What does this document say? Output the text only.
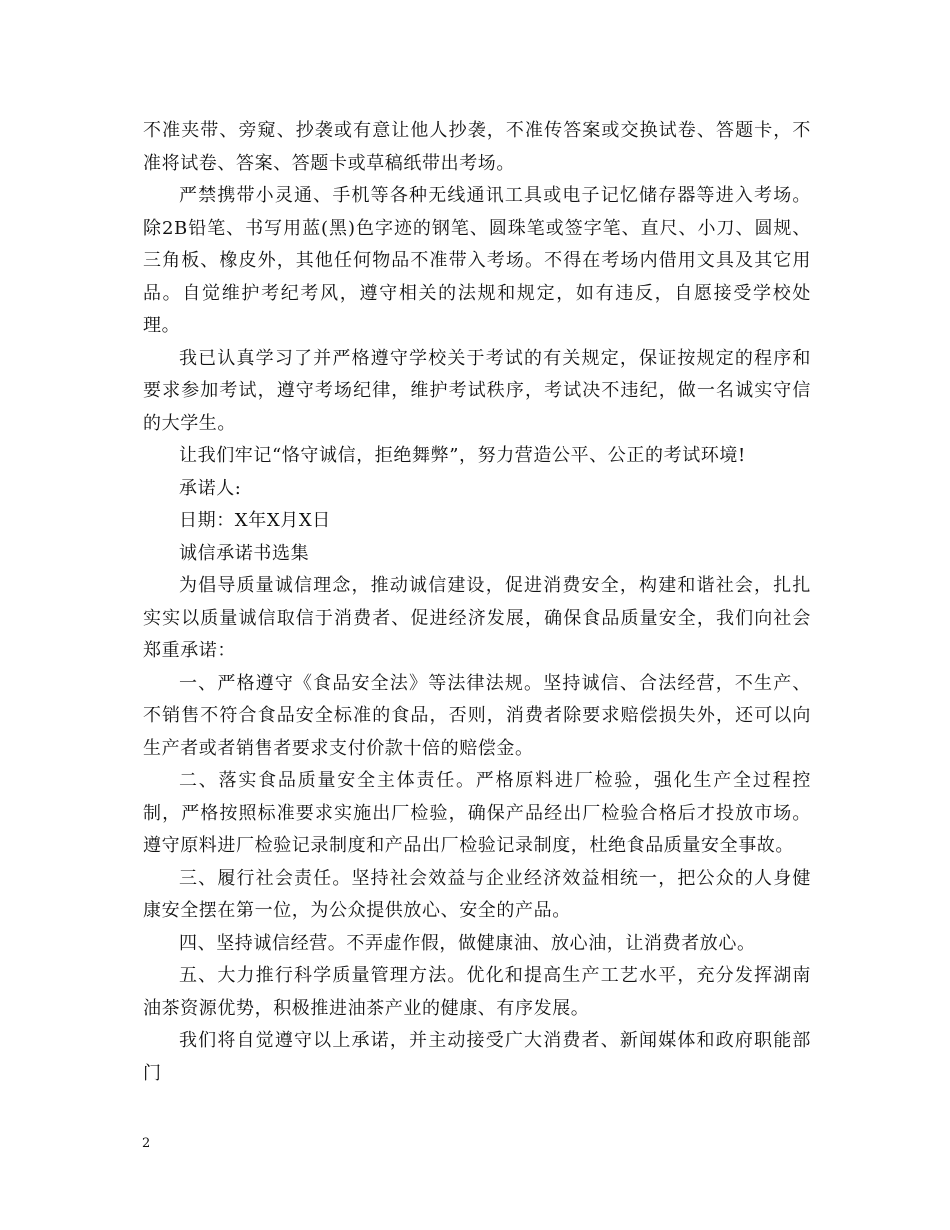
不准夹带、旁窥、抄袭或有意让他人抄袭，不准传答案或交换试卷、答题卡，不准将试卷、答案、答题卡或草稿纸带出考场。

严禁携带小灵通、手机等各种无线通讯工具或电子记忆储存器等进入考场。除2B铅笔、书写用蓝(黑)色字迹的钢笔、圆珠笔或签字笔、直尺、小刀、圆规、三角板、橡皮外，其他任何物品不准带入考场。不得在考场内借用文具及其它用品。自觉维护考纪考风，遵守相关的法规和规定，如有违反，自愿接受学校处理。

我已认真学习了并严格遵守学校关于考试的有关规定，保证按规定的程序和要求参加考试，遵守考场纪律，维护考试秩序，考试决不违纪，做一名诚实守信的大学生。

让我们牢记“恪守诚信，拒绝舞弊”，努力营造公平、公正的考试环境!

承诺人:

日期：X年X月X日

诚信承诺书选集

为倡导质量诚信理念，推动诚信建设，促进消费安全，构建和谐社会，扎扎实实以质量诚信取信于消费者、促进经济发展，确保食品质量安全，我们向社会郑重承诺：

一、严格遵守《食品安全法》等法律法规。坚持诚信、合法经营，不生产、不销售不符合食品安全标准的食品，否则，消费者除要求赔偿损失外，还可以向生产者或者销售者要求支付价款十倍的赔偿金。

二、落实食品质量安全主体责任。严格原料进厂检验，强化生产全过程控制，严格按照标准要求实施出厂检验，确保产品经出厂检验合格后才投放市场。遵守原料进厂检验记录制度和产品出厂检验记录制度，杜绝食品质量安全事故。

三、履行社会责任。坚持社会效益与企业经济效益相统一，把公众的人身健康安全摆在第一位，为公众提供放心、安全的产品。

四、坚持诚信经营。不弄虚作假，做健康油、放心油，让消费者放心。

五、大力推行科学质量管理方法。优化和提高生产工艺水平，充分发挥湖南油茶资源优势，积极推进油茶产业的健康、有序发展。

我们将自觉遵守以上承诺，并主动接受广大消费者、新闻媒体和政府职能部门

2
